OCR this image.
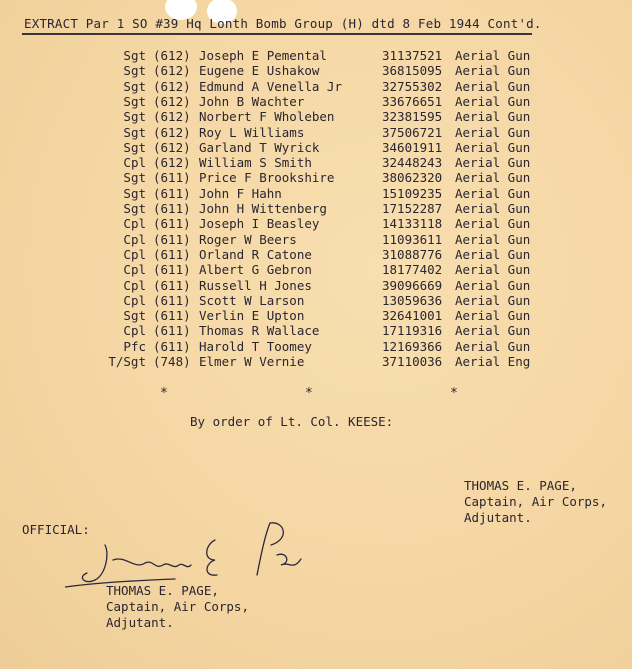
EXTRACT Par 1 SO #39 Hq Lonth Bomb Group (H) dtd 8 Feb 1944 Cont'd.
Sgt (612) Joseph E Pemental	31137521 Aerial Gun
Sgt (612) Eugene E Ushakow	36815095 Aerial Gun
Sgt (612) Edmund A Venella Jr	32755302 Aerial Gun
Sgt (612) John B Wachter	33676651 Aerial Gun
Sgt (612) Norbert F Wholeben	32381595 Aerial Gun
Sgt (612) Roy L Williams	37506721 Aerial Gun
Sgt (612) Garland T Wyrick	34601911 Aerial Gun
Cpl (612) William S Smith	32448243 Aerial Gun
Sgt (611) Price F Brookshire	38062320 Aerial Gun
Sgt (611) John F Hahn	15109235 Aerial Gun
Sgt (611) John H Wittenberg	17152287 Aerial Gun
Cpl (611) Joseph I Beasley	14133118 Aerial Gun
Cpl (611) Roger W Beers	11093611 Aerial Gun
Cpl (611) Orland R Catone	31088776 Aerial Gun
Cpl (611) Albert G Gebron	18177402 Aerial Gun
Cpl (611) Russell H Jones	39096669 Aerial Gun
Cpl (611) Scott W Larson	13059636 Aerial Gun
Sgt (611) Verlin E Upton	32641001 Aerial Gun
Cpl (611) Thomas R Wallace	17119316 Aerial Gun
Pfc (611) Harold T Toomey	12169366 Aerial Gun
T/Sgt (748) Elmer W Vernie	37110036 Aerial Eng
*	*	*
By order of Lt. Col. KEESE:
THOMAS E. PAGE,
Captain, Air Corps,
Adjutant.
OFFICIAL:
THOMAS E. PAGE,
Captain, Air Corps,
Adjutant.
